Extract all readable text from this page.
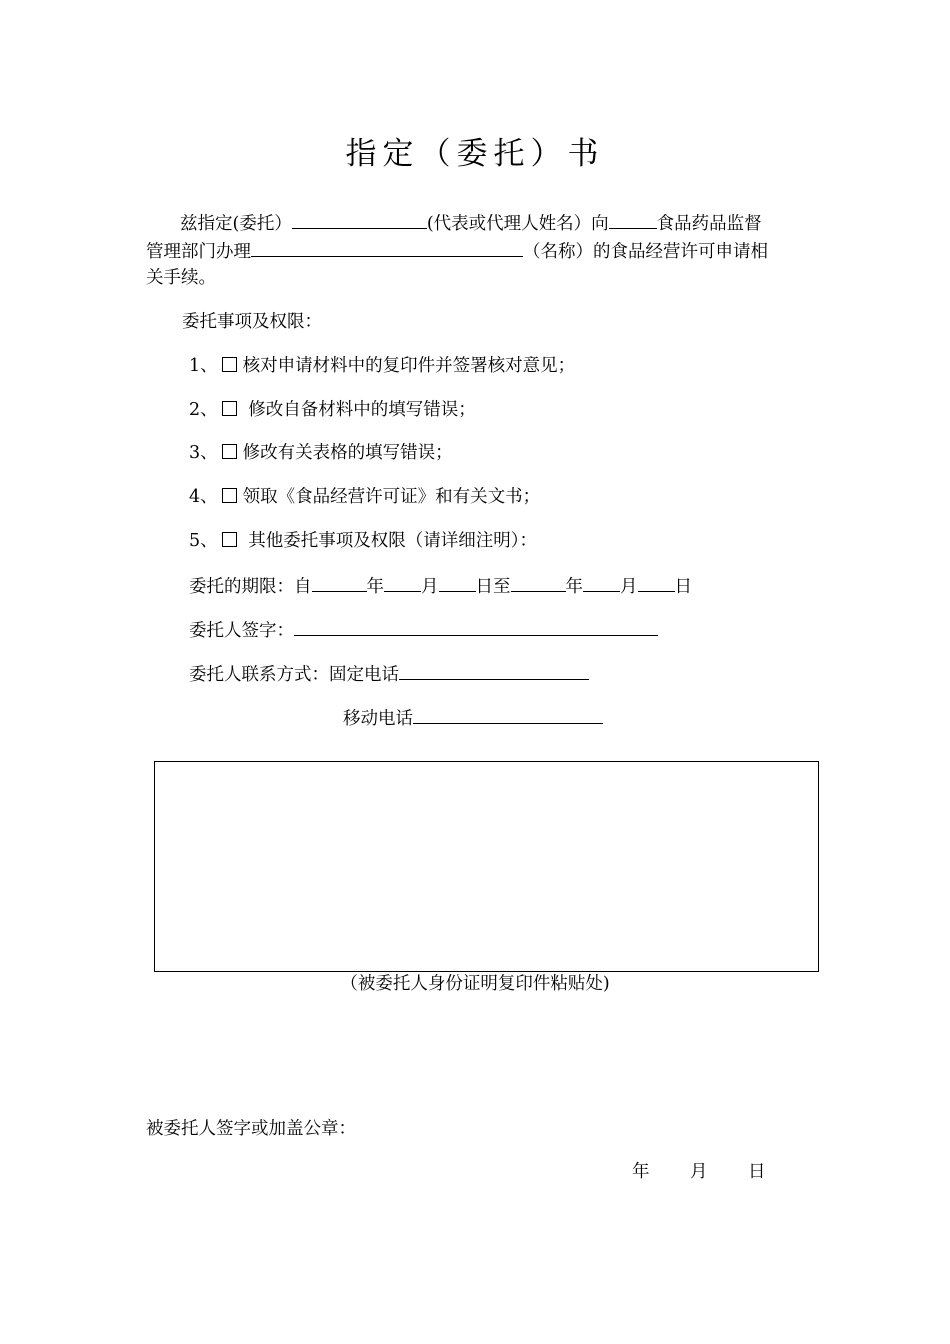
指定（委托）书
兹指定(委托）	(代表或代理人姓名）向	食品药品监督
管理部门办理	（名称）的食品经营许可申请相
关手续。
委托事项及权限：
1、 核对申请材料中的复印件并签署核对意见；
2、 修改自备材料中的填写错误；
3、 修改有关表格的填写错误；
4、 领取《食品经营许可证》和有关文书；
5、 其他委托事项及权限（请详细注明）：
委托的期限：自	年 月 日至	年 月 日
委托人签字：
委托人联系方式：固定电话
移动电话
（被委托人身份证明复印件粘贴处)
被委托人签字或加盖公章：
年 月 日
